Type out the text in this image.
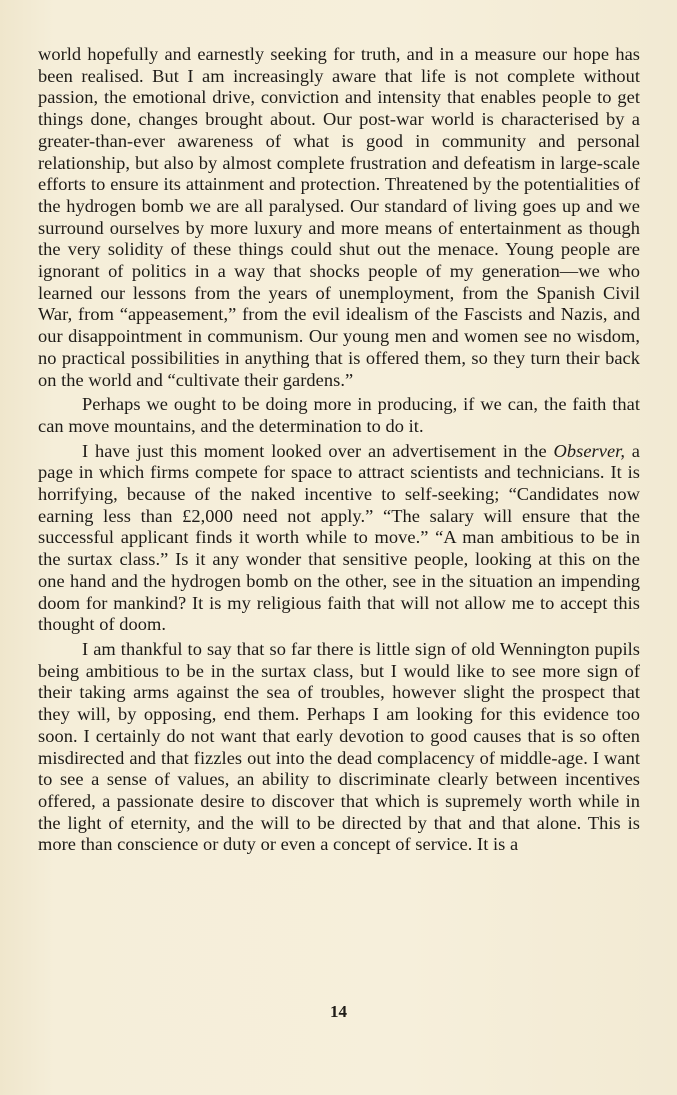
world hopefully and earnestly seeking for truth, and in a measure our hope has been realised. But I am increasingly aware that life is not complete without passion, the emotional drive, conviction and intensity that enables people to get things done, changes brought about. Our post-war world is characterised by a greater-than-ever awareness of what is good in community and personal relationship, but also by almost complete frustration and defeatism in large-scale efforts to ensure its attainment and protection. Threatened by the potentialities of the hydrogen bomb we are all paralysed. Our standard of living goes up and we surround ourselves by more luxury and more means of entertainment as though the very solidity of these things could shut out the menace. Young people are ignorant of politics in a way that shocks people of my generation—we who learned our lessons from the years of unemployment, from the Spanish Civil War, from “appeasement,” from the evil idealism of the Fascists and Nazis, and our disappointment in communism. Our young men and women see no wisdom, no practical possibilities in anything that is offered them, so they turn their back on the world and “cultivate their gardens.”

Perhaps we ought to be doing more in producing, if we can, the faith that can move mountains, and the determination to do it.

I have just this moment looked over an advertisement in the Observer, a page in which firms compete for space to attract scientists and technicians. It is horrifying, because of the naked incentive to self-seeking; “Candidates now earning less than £2,000 need not apply.” “The salary will ensure that the successful applicant finds it worth while to move.” “A man ambitious to be in the surtax class.” Is it any wonder that sensitive people, looking at this on the one hand and the hydrogen bomb on the other, see in the situation an impending doom for mankind? It is my religious faith that will not allow me to accept this thought of doom.

I am thankful to say that so far there is little sign of old Wennington pupils being ambitious to be in the surtax class, but I would like to see more sign of their taking arms against the sea of troubles, however slight the prospect that they will, by opposing, end them. Perhaps I am looking for this evidence too soon. I certainly do not want that early devotion to good causes that is so often misdirected and that fizzles out into the dead complacency of middle-age. I want to see a sense of values, an ability to discriminate clearly between incentives offered, a passionate desire to discover that which is supremely worth while in the light of eternity, and the will to be directed by that and that alone. This is more than conscience or duty or even a concept of service. It is a

14
